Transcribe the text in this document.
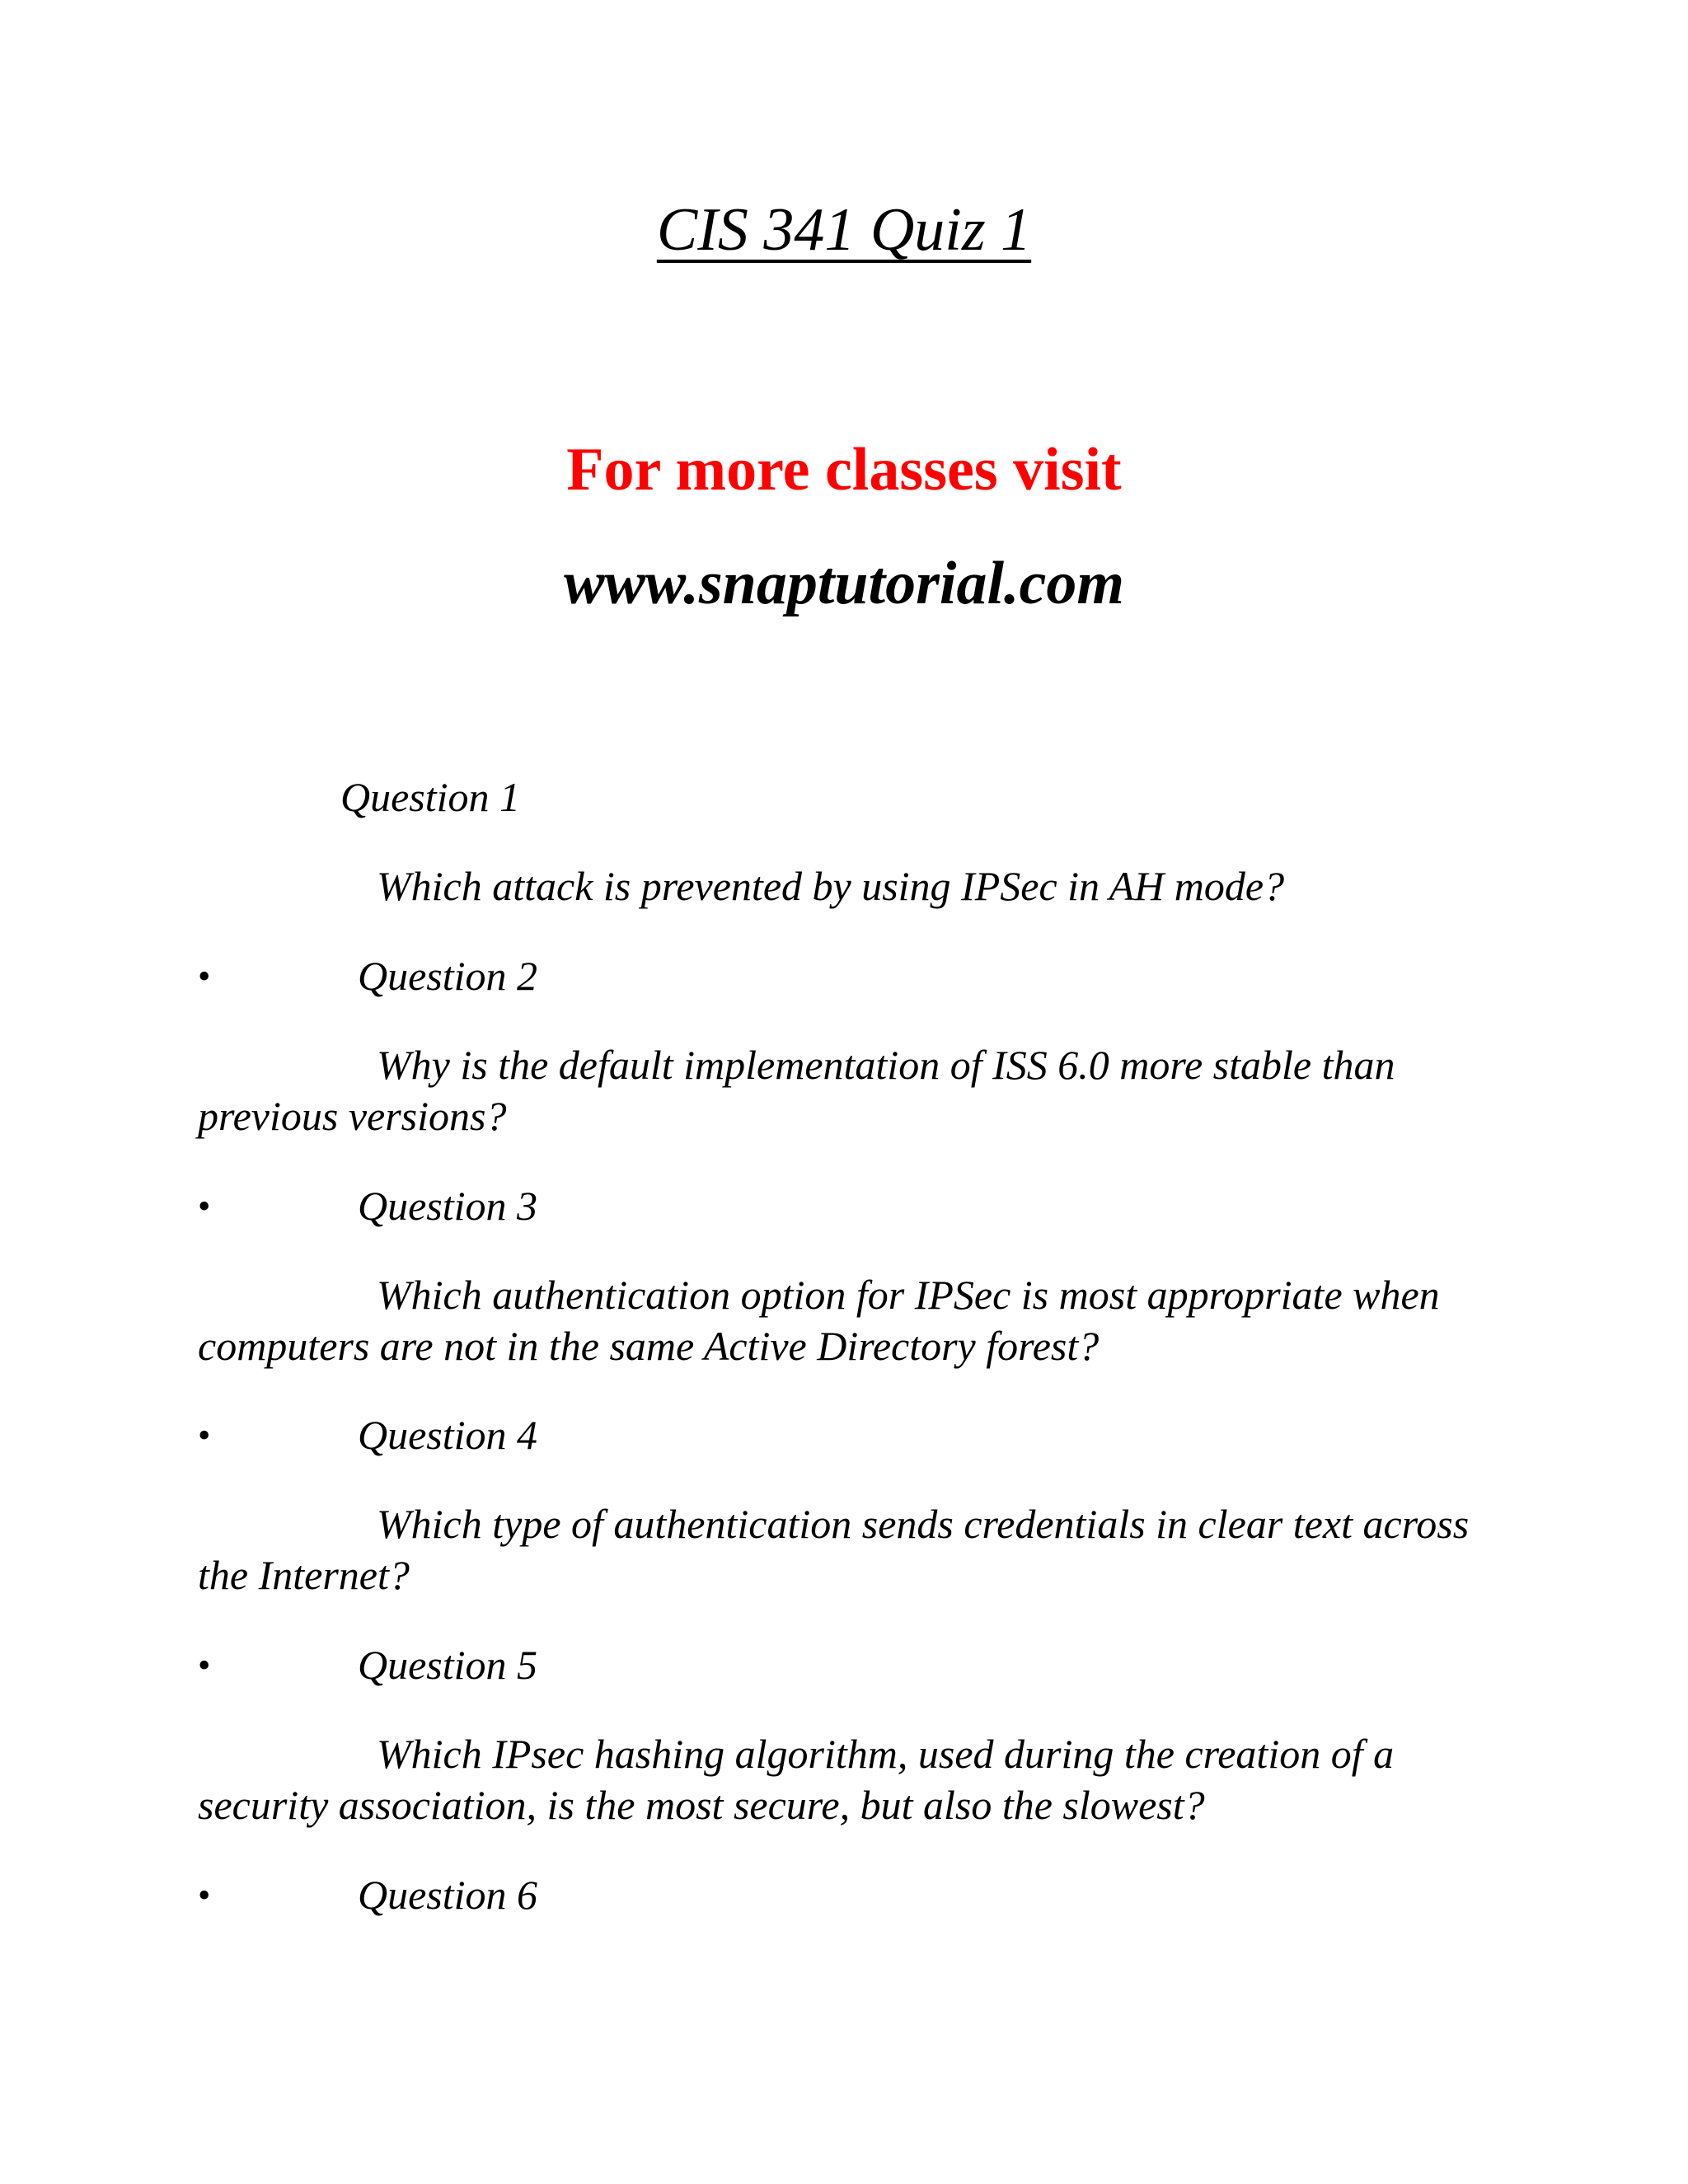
CIS 341 Quiz 1
For more classes visit
www.snaptutorial.com
Question 1
Which attack is prevented by using IPSec in AH mode?
•	Question 2
Why is the default implementation of ISS 6.0 more stable than previous versions?
•	Question 3
Which authentication option for IPSec is most appropriate when computers are not in the same Active Directory forest?
•	Question 4
Which type of authentication sends credentials in clear text across the Internet?
•	Question 5
Which IPsec hashing algorithm, used during the creation of a security association, is the most secure, but also the slowest?
•	Question 6
